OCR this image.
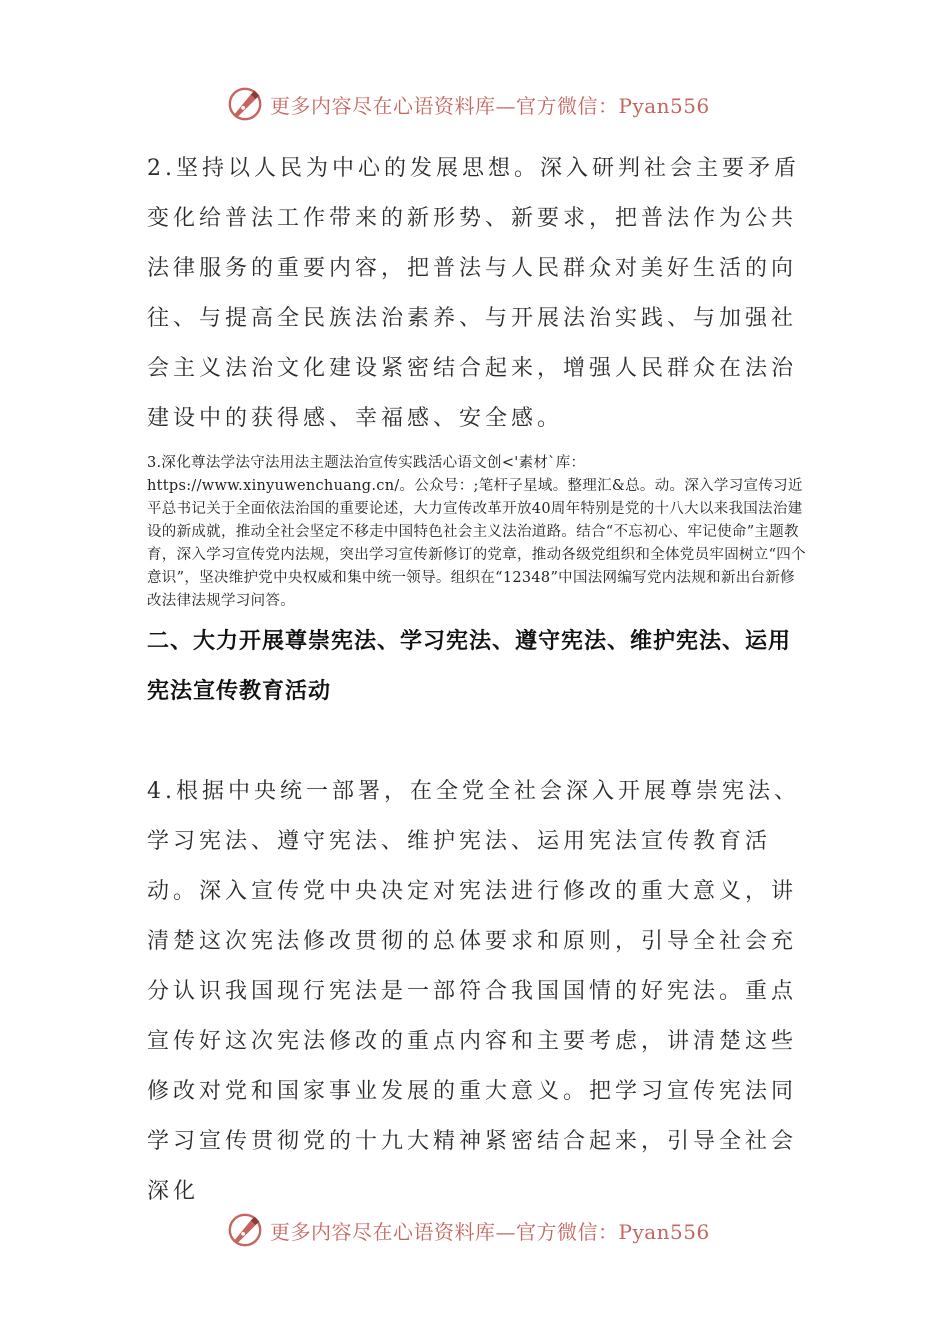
更多内容尽在心语资料库—官方微信：Pyan556

2.坚持以人民为中心的发展思想。深入研判社会主要矛盾变化给普法工作带来的新形势、新要求，把普法作为公共法律服务的重要内容，把普法与人民群众对美好生活的向往、与提高全民族法治素养、与开展法治实践、与加强社会主义法治文化建设紧密结合起来，增强人民群众在法治建设中的获得感、幸福感、安全感。

3.深化尊法学法守法用法主题法治宣传实践活心语文创<'素材`库：https://www.xinyuwenchuang.cn/。公众号：;笔杆子星域。整理汇&总。动。深入学习宣传习近平总书记关于全面依法治国的重要论述，大力宣传改革开放40周年特别是党的十八大以来我国法治建设的新成就，推动全社会坚定不移走中国特色社会主义法治道路。结合“不忘初心、牢记使命”主题教育，深入学习宣传党内法规，突出学习宣传新修订的党章，推动各级党组织和全体党员牢固树立“四个意识”，坚决维护党中央权威和集中统一领导。组织在“12348”中国法网编写党内法规和新出台新修改法律法规学习问答。

二、大力开展尊崇宪法、学习宪法、遵守宪法、维护宪法、运用宪法宣传教育活动

4.根据中央统一部署，在全党全社会深入开展尊崇宪法、学习宪法、遵守宪法、维护宪法、运用宪法宣传教育活动。深入宣传党中央决定对宪法进行修改的重大意义，讲清楚这次宪法修改贯彻的总体要求和原则，引导全社会充分认识我国现行宪法是一部符合我国国情的好宪法。重点宣传好这次宪法修改的重点内容和主要考虑，讲清楚这些修改对党和国家事业发展的重大意义。把学习宣传宪法同学习宣传贯彻党的十九大精神紧密结合起来，引导全社会深化

更多内容尽在心语资料库—官方微信：Pyan556
